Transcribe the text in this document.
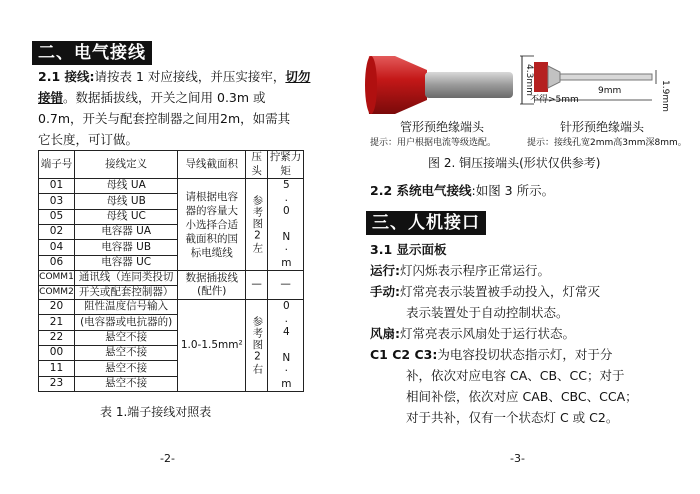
二、电气接线
2.1 接线:请按表 1 对应接线，并压实接牢，切勿接错。数据插拔线，开关之间用 0.3m 或
0.7m，开关与配套控制器之间用2m，如需其
它长度，可订做。
端子号	接线定义	导线截面积	压头	拧紧力矩
01	母线 UA	请根据电容器的容量大小选择合适截面积的国标电缆线	参考图2左	5.0 N·m

03	母线 UB			
05	母线 UC			
02	电容器 UA			
04	电容器 UB			
06	电容器 UC			
COMM1	通讯线（连同类投切	数据插拔线(配件)	—	—
COMM2	开关或配套控制器）			
20	阻性温度信号输入	1.0-1.5mm²	参考图2右	0.4 N·m

21	(电容器或电抗器的)			
22	悬空不接			
00	悬空不接			
11	悬空不接			
23	悬空不接			
表 1.端子接线对照表
-2-
4.3mm	9mm	1.9mm
不得>5mm
管形预绝缘端头
提示：用户根据电流等级选配。
针形预绝缘端头
提示：接线孔宽2mm高3mm深8mm。
图 2. 铜压接端头(形状仅供参考)
2.2 系统电气接线:如图 3 所示。
三、人机接口
3.1 显示面板
运行:灯闪烁表示程序正常运行。
手动:灯常亮表示装置被手动投入，灯常灭
表示装置处于自动控制状态。
风扇:灯常亮表示风扇处于运行状态。
C1 C2 C3:为电容投切状态指示灯，对于分
补，依次对应电容 CA、CB、CC；对于
相间补偿，依次对应 CAB、CBC、CCA；
对于共补，仅有一个状态灯 C 或 C2。
-3-
